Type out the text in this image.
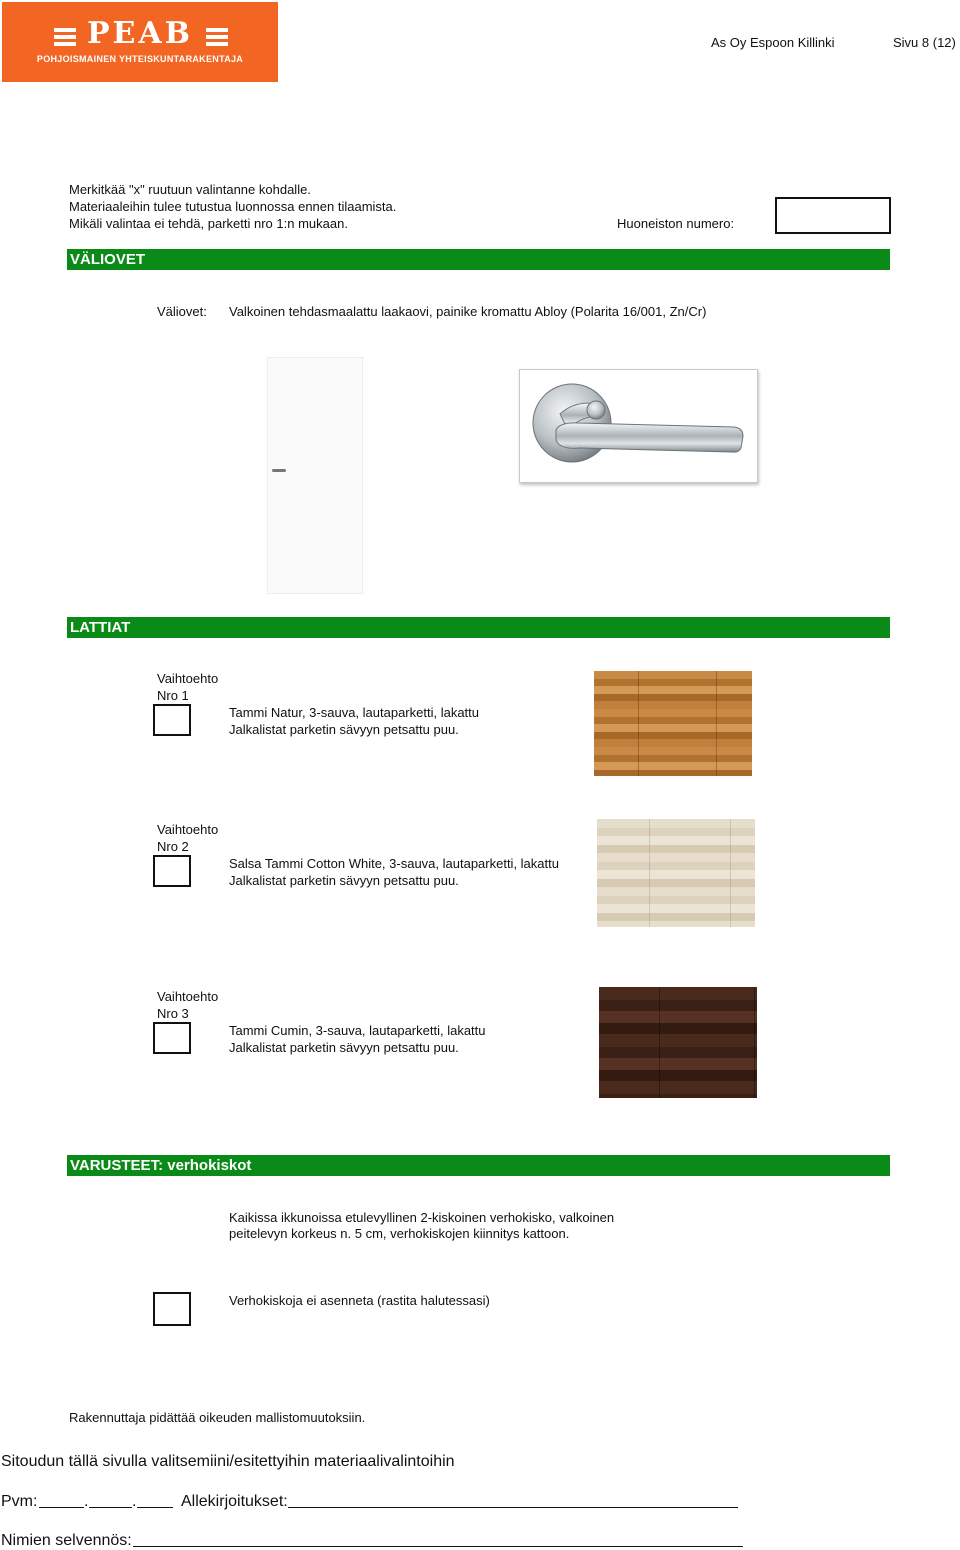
PEAB
POHJOISMAINEN YHTEISKUNTARAKENTAJA
As Oy Espoon Killinki	Sivu 8 (12)
Merkitkää "x" ruutuun valintanne kohdalle.
Materiaaleihin tulee tutustua luonnossa ennen tilaamista.
Mikäli valintaa ei tehdä, parketti nro 1:n mukaan.	Huoneiston numero:
VÄLIOVET
Väliovet: Valkoinen tehdasmaalattu laakaovi, painike kromattu Abloy (Polarita 16/001, Zn/Cr)
LATTIAT
Vaihtoehto
Nro 1
Tammi Natur, 3-sauva, lautaparketti, lakattu
Jalkalistat parketin sävyyn petsattu puu.
Vaihtoehto
Nro 2
Salsa Tammi Cotton White, 3-sauva, lautaparketti, lakattu
Jalkalistat parketin sävyyn petsattu puu.
Vaihtoehto
Nro 3
Tammi Cumin, 3-sauva, lautaparketti, lakattu
Jalkalistat parketin sävyyn petsattu puu.
VARUSTEET: verhokiskot
Kaikissa ikkunoissa etulevyllinen 2-kiskoinen verhokisko, valkoinen
peitelevyn korkeus n. 5 cm, verhokiskojen kiinnitys kattoon.
Verhokiskoja ei asenneta (rastita halutessasi)
Rakennuttaja pidättää oikeuden mallistomuutoksiin.
Sitoudun tällä sivulla valitsemiini/esitettyihin materiaalivalintoihin
Pvm:	.	.	Allekirjoitukset:
Nimien selvennös:
